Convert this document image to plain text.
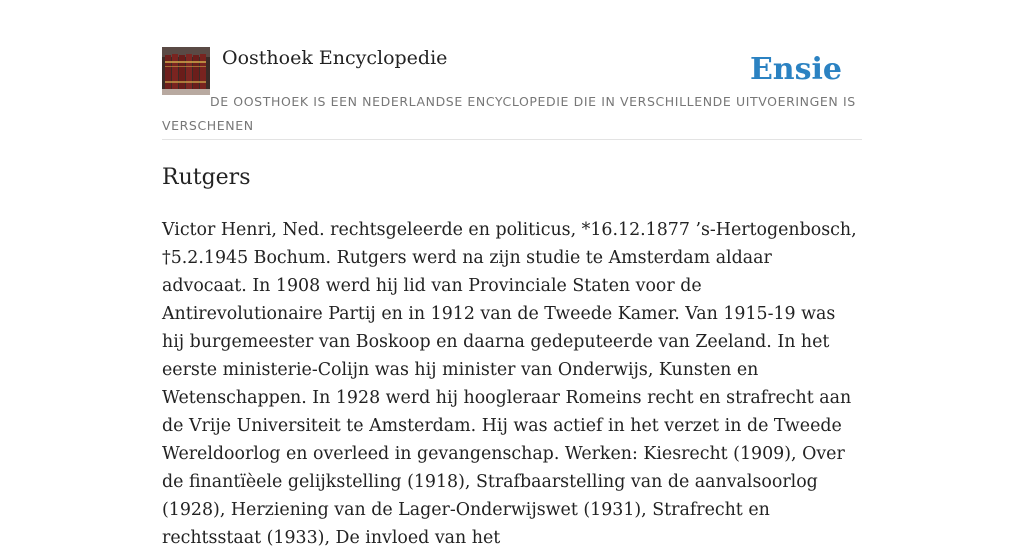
Oosthoek Encyclopedie	Ensie
DE OOSTHOEK IS EEN NEDERLANDSE ENCYCLOPEDIE DIE IN VERSCHILLENDE UITVOERINGEN IS VERSCHENEN
Rutgers

Victor Henri, Ned. rechtsgeleerde en politicus, *16.12.1877 ’s-Hertogenbosch, †5.2.1945 Bochum. Rutgers werd na zijn studie te Amsterdam aldaar advocaat. In 1908 werd hij lid van Provinciale Staten voor de Antirevolutionaire Partij en in 1912 van de Tweede Kamer. Van 1915-19 was hij burgemeester van Boskoop en daarna gedeputeerde van Zeeland. In het eerste ministerie-Colijn was hij minister van Onderwijs, Kunsten en Wetenschappen. In 1928 werd hij hoogleraar Romeins recht en strafrecht aan de Vrije Universiteit te Amsterdam. Hij was actief in het verzet in de Tweede Wereldoorlog en overleed in gevangenschap. Werken: Kiesrecht (1909), Over de finantïèele gelijkstelling (1918), Strafbaarstelling van de aanvalsoorlog (1928), Herziening van de Lager-Onderwijswet (1931), Strafrecht en rechtsstaat (1933), De invloed van het
